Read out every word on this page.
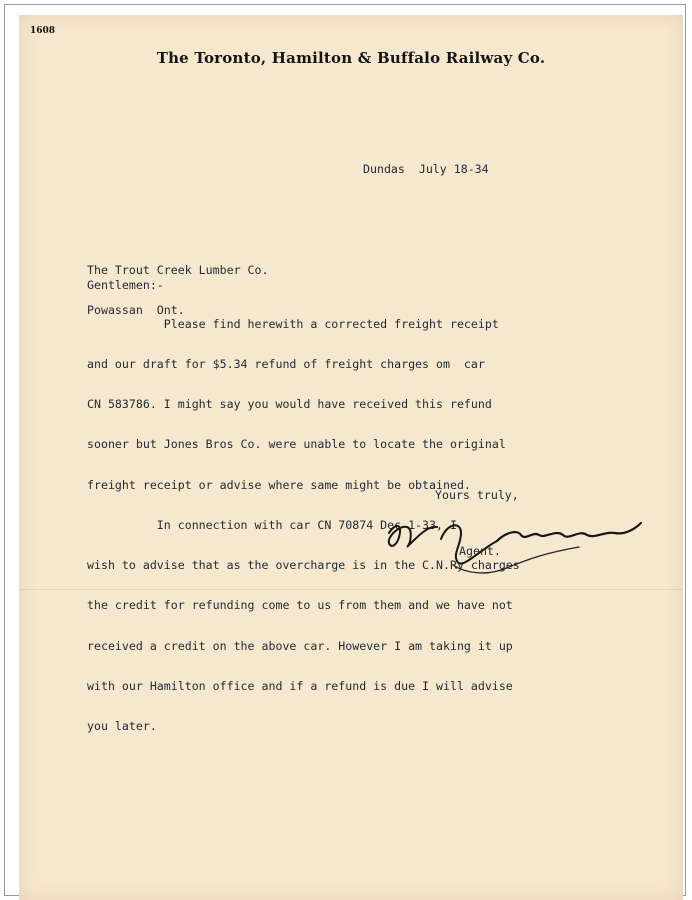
1608
The Toronto, Hamilton & Buffalo Railway Co.
Dundas  July 18-34

The Trout Creek Lumber Co.

Powassan  Ont.

Gentlemen:-

Please find herewith a corrected freight receipt

and our draft for $5.34 refund of freight charges om  car

CN 583786. I might say you would have received this refund

sooner but Jones Bros Co. were unable to locate the original

freight receipt or advise where same might be obtained.

In connection with car CN 70874 Dec 1-33, I

wish to advise that as the overcharge is in the C.N.Ry charges

the credit for refunding come to us from them and we have not

received a credit on the above car. However I am taking it up

with our Hamilton office and if a refund is due I will advise

you later.

Yours truly,
Agent.
